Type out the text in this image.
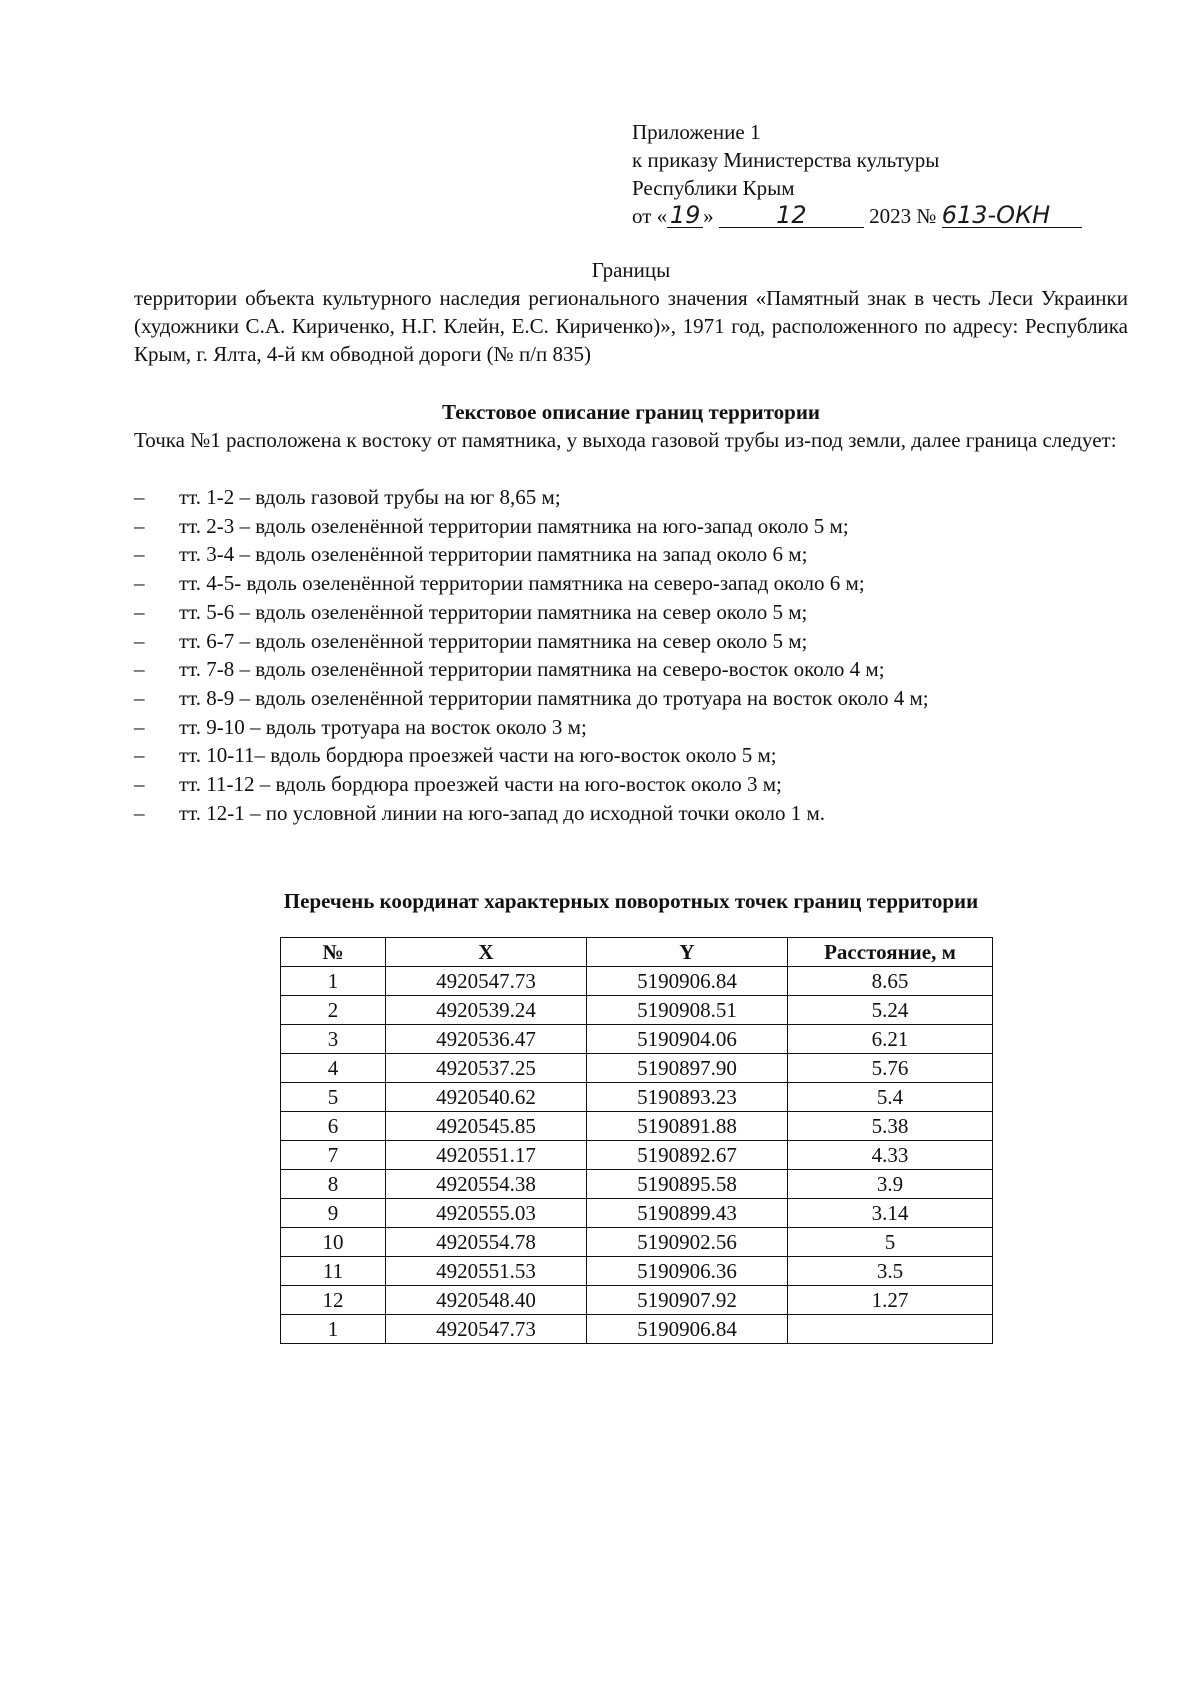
Приложение 1
к приказу Министерства культуры
Республики Крым
от « 19 »	12	2023 № 613-ОКН
Границы
территории объекта культурного наследия регионального значения «Памятный знак в честь Леси Украинки (художники С.А. Кириченко, Н.Г. Клейн, Е.С. Кириченко)», 1971 год, расположенного по адресу: Республика Крым, г. Ялта, 4-й км обводной дороги (№ п/п 835)
Текстовое описание границ территории
Точка №1 расположена к востоку от памятника, у выхода газовой трубы из-под земли, далее граница следует:
– тт. 1-2 – вдоль газовой трубы на юг 8,65 м;
– тт. 2-3 – вдоль озеленённой территории памятника на юго-запад около 5 м;
– тт. 3-4 – вдоль озеленённой территории памятника на запад около 6 м;
– тт. 4-5- вдоль озеленённой территории памятника на северо-запад около 6 м;
– тт. 5-6 – вдоль озеленённой территории памятника на север около 5 м;
– тт. 6-7 – вдоль озеленённой территории памятника на север около 5 м;
– тт. 7-8 – вдоль озеленённой территории памятника на северо-восток около 4 м;
– тт. 8-9 – вдоль озеленённой территории памятника до тротуара на восток около 4 м;
– тт. 9-10 – вдоль тротуара на восток около 3 м;
– тт. 10-11– вдоль бордюра проезжей части на юго-восток около 5 м;
– тт. 11-12 – вдоль бордюра проезжей части на юго-восток около 3 м;
– тт. 12-1 – по условной линии на юго-запад до исходной точки около 1 м.
Перечень координат характерных поворотных точек границ территории
№	X	Y	Расстояние, м
1	4920547.73	5190906.84	8.65
2	4920539.24	5190908.51	5.24
3	4920536.47	5190904.06	6.21
4	4920537.25	5190897.90	5.76
5	4920540.62	5190893.23	5.4
6	4920545.85	5190891.88	5.38
7	4920551.17	5190892.67	4.33
8	4920554.38	5190895.58	3.9
9	4920555.03	5190899.43	3.14
10	4920554.78	5190902.56	5
11	4920551.53	5190906.36	3.5
12	4920548.40	5190907.92	1.27
1	4920547.73	5190906.84	
